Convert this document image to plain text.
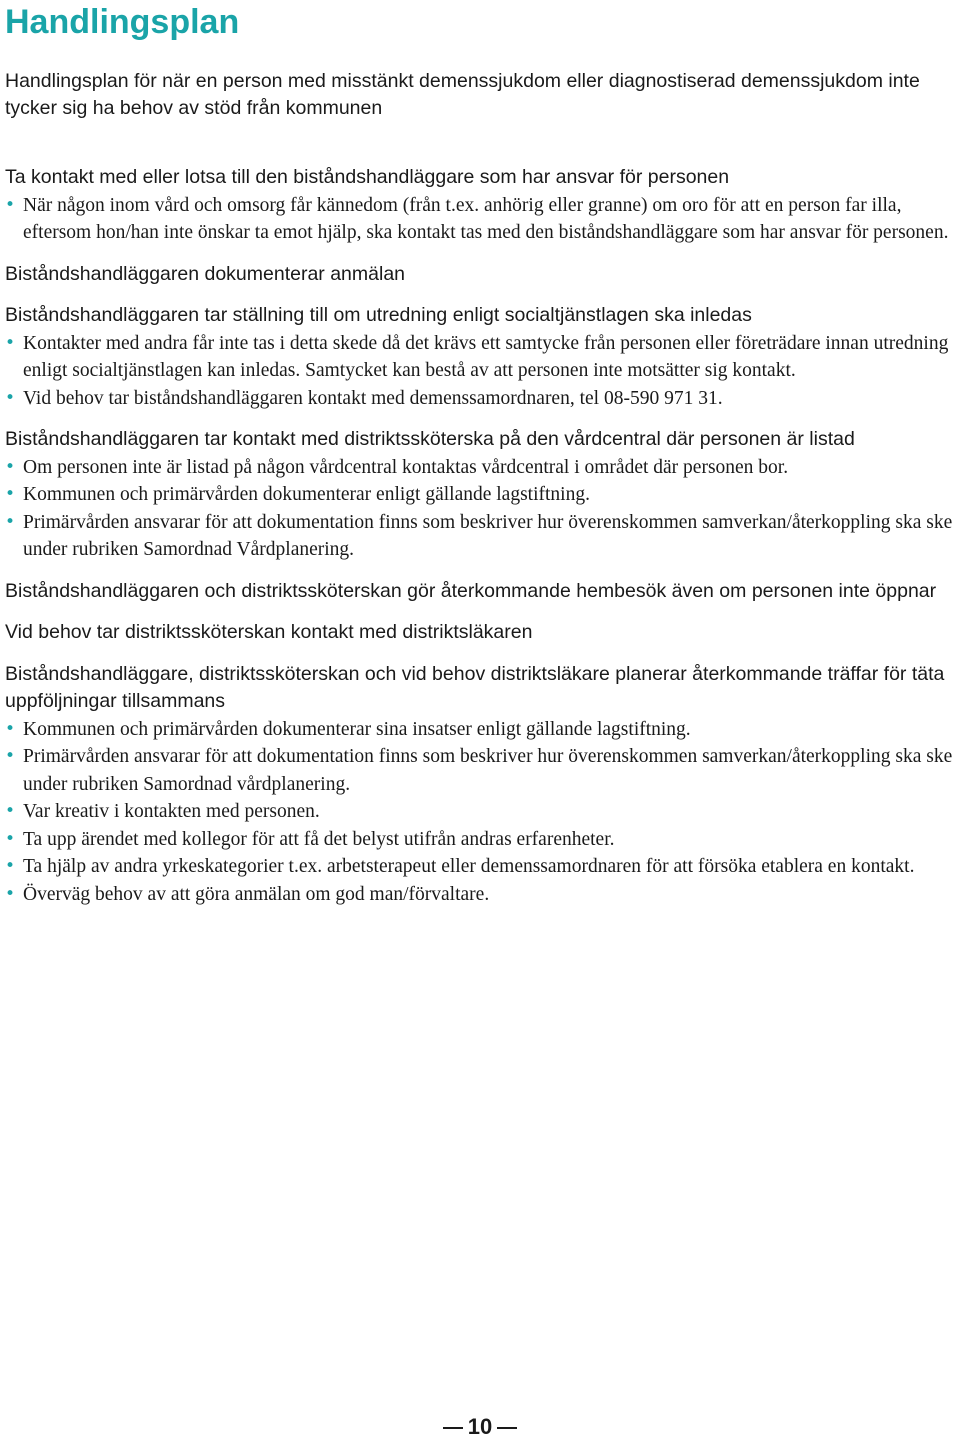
Handlingsplan

Handlingsplan för när en person med misstänkt demenssjukdom eller diagnostiserad demenssjukdom inte tycker sig ha behov av stöd från kommunen

Ta kontakt med eller lotsa till den biståndshandläggare som har ansvar för personen
• När någon inom vård och omsorg får kännedom (från t.ex. anhörig eller granne) om oro för att en person far illa, eftersom hon/han inte önskar ta emot hjälp, ska kontakt tas med den biståndshandläggare som har ansvar för personen.
Biståndshandläggaren dokumenterar anmälan
Biståndshandläggaren tar ställning till om utredning enligt socialtjänstlagen ska inledas
• Kontakter med andra får inte tas i detta skede då det krävs ett samtycke från personen eller företrädare innan utredning enligt socialtjänstlagen kan inledas. Samtycket kan bestå av att personen inte motsätter sig kontakt.
• Vid behov tar biståndshandläggaren kontakt med demenssamordnaren, tel 08-590 971 31.
Biståndshandläggaren tar kontakt med distriktssköterska på den vårdcentral där personen är listad
• Om personen inte är listad på någon vårdcentral kontaktas vårdcentral i området där personen bor.
• Kommunen och primärvården dokumenterar enligt gällande lagstiftning.
• Primärvården ansvarar för att dokumentation finns som beskriver hur överenskommen samverkan/återkoppling ska ske under rubriken Samordnad Vårdplanering.
Biståndshandläggaren och distriktssköterskan gör återkommande hembesök även om personen inte öppnar
Vid behov tar distriktssköterskan kontakt med distriktsläkaren
Biståndshandläggare, distriktssköterskan och vid behov distriktsläkare planerar återkommande träffar för täta uppföljningar tillsammans
• Kommunen och primärvården dokumenterar sina insatser enligt gällande lagstiftning.
• Primärvården ansvarar för att dokumentation finns som beskriver hur överenskommen samverkan/återkoppling ska ske under rubriken Samordnad vårdplanering.
• Var kreativ i kontakten med personen.
• Ta upp ärendet med kollegor för att få det belyst utifrån andras erfarenheter.
• Ta hjälp av andra yrkeskategorier t.ex. arbetsterapeut eller demenssamordnaren för att försöka etablera en kontakt.
• Överväg behov av att göra anmälan om god man/förvaltare.
10
